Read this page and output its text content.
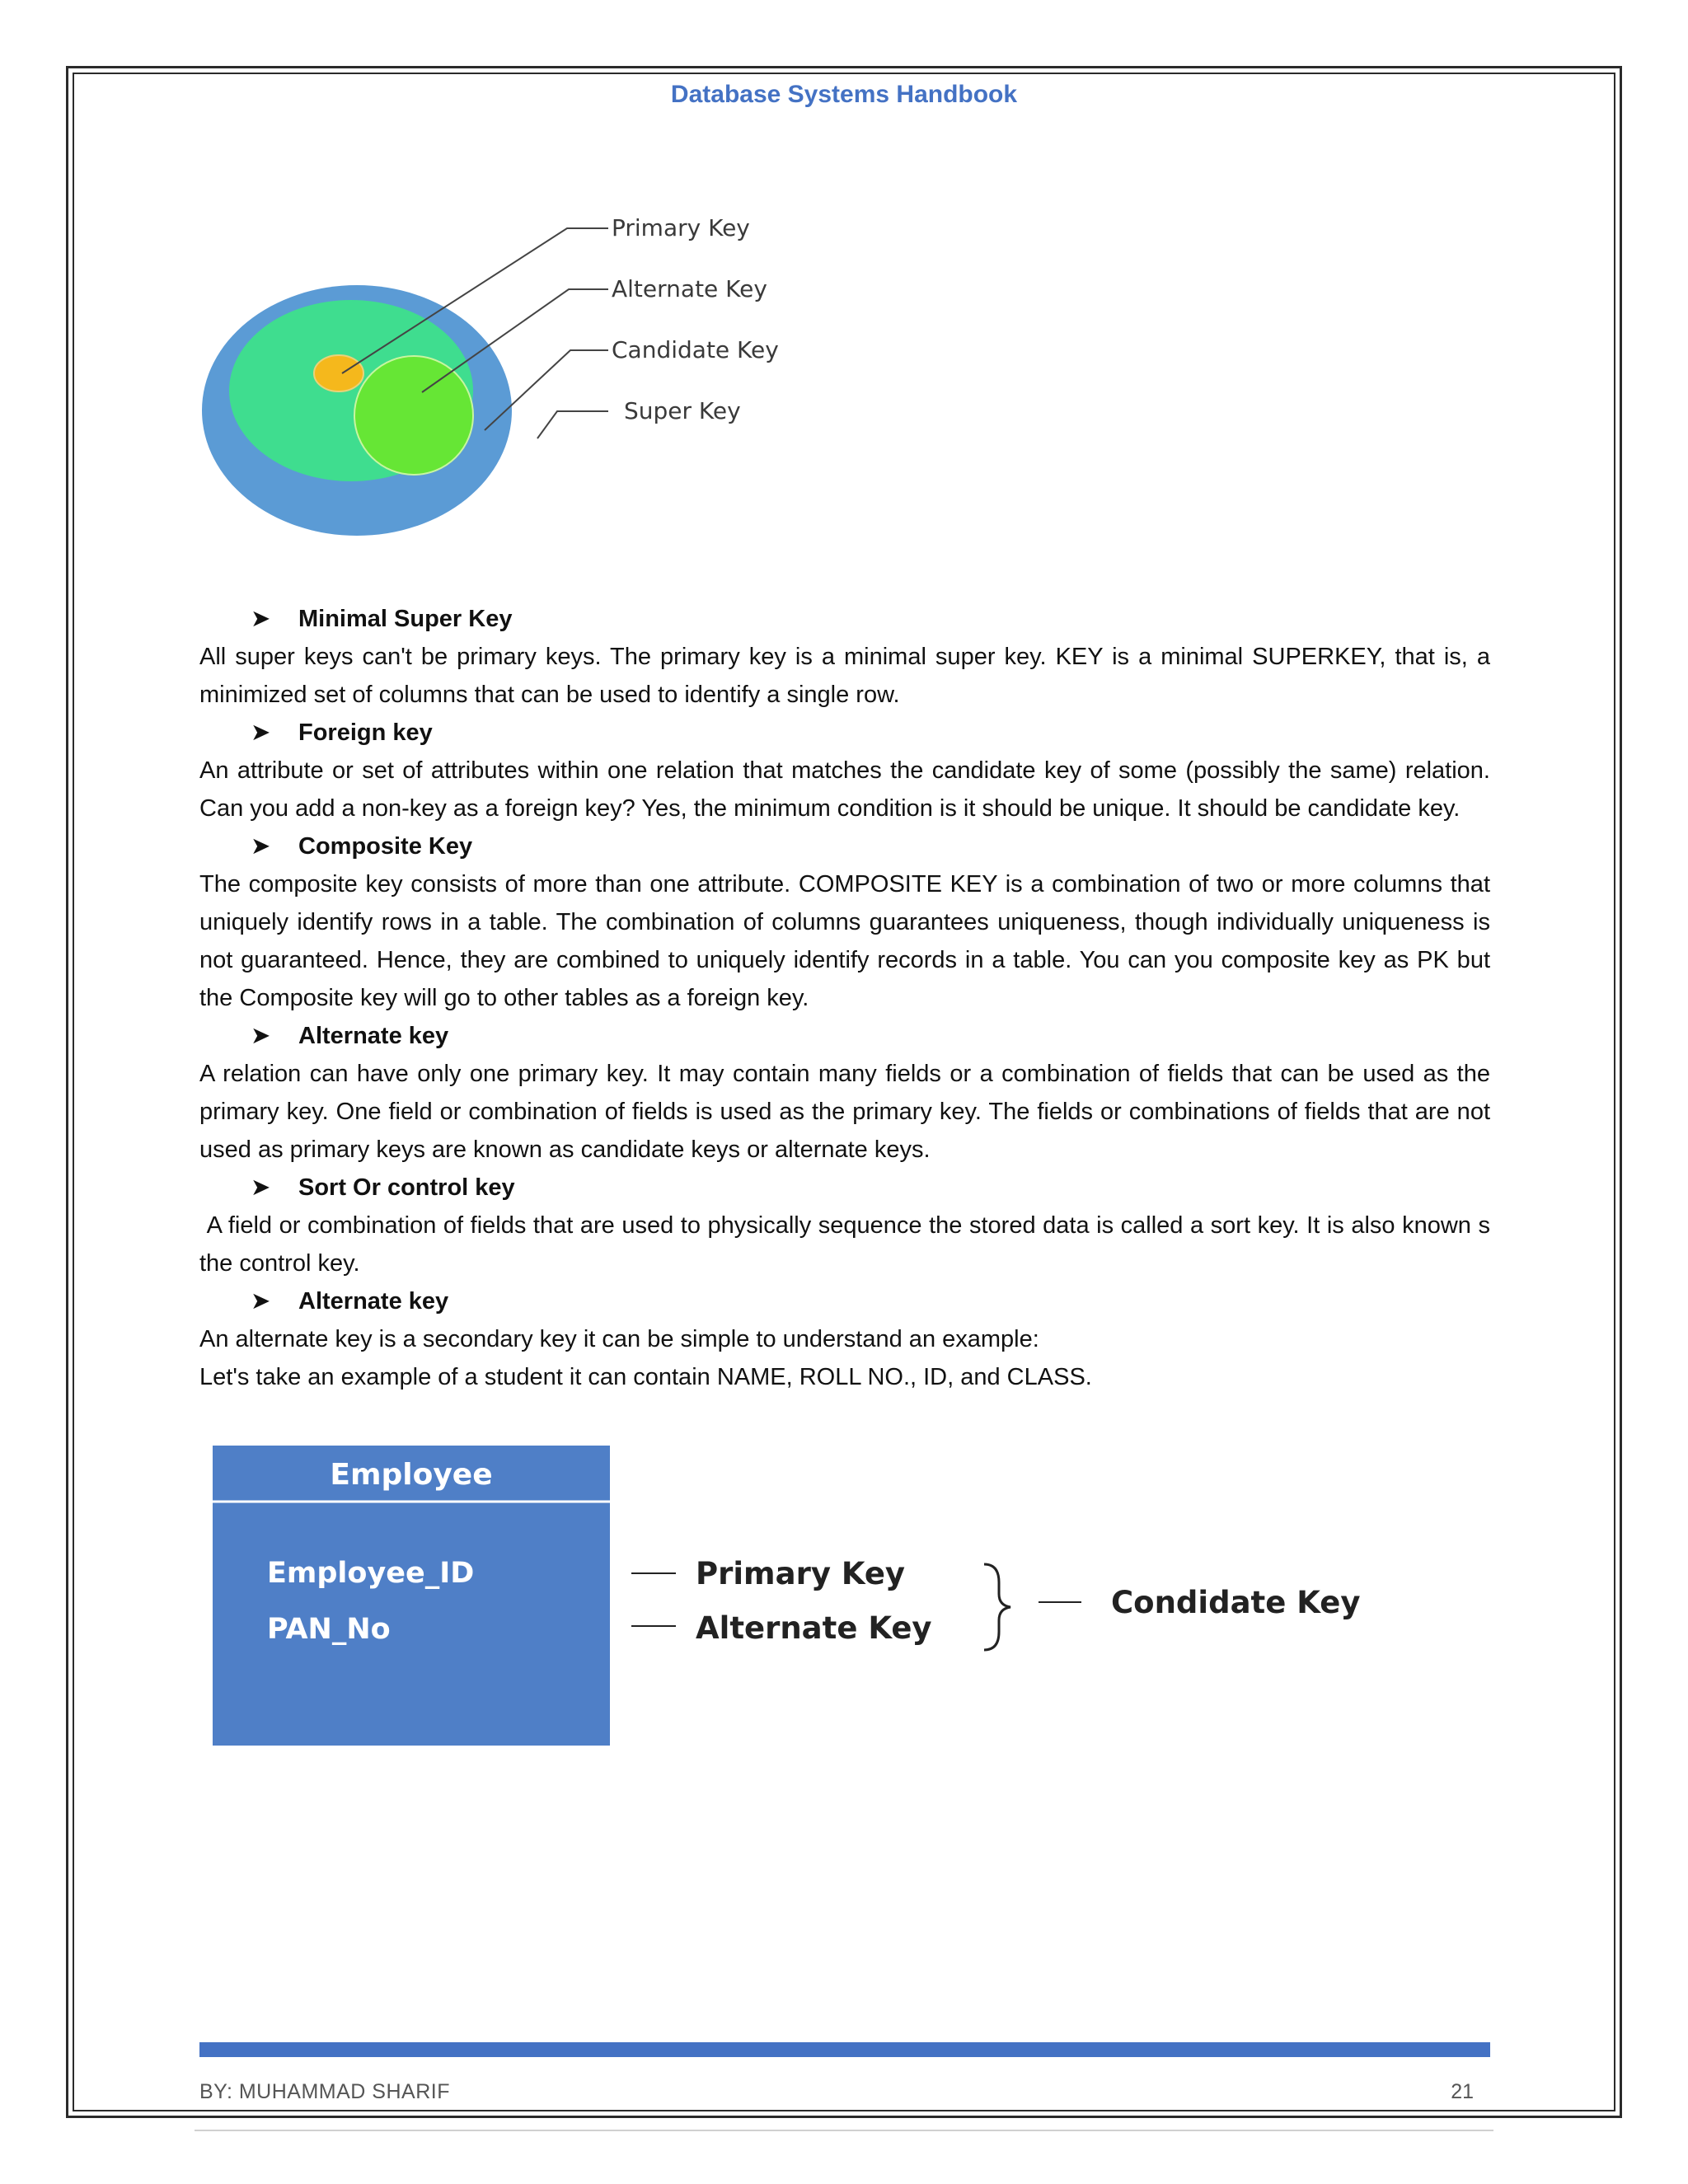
Database Systems Handbook
Primary Key
Alternate Key
Candidate Key
Super Key
➤ Minimal Super Key

All super keys can't be primary keys. The primary key is a minimal super key. KEY is a minimal SUPERKEY, that is, a minimized set of columns that can be used to identify a single row.

➤ Foreign key

An attribute or set of attributes within one relation that matches the candidate key of some (possibly the same) relation. Can you add a non-key as a foreign key? Yes, the minimum condition is it should be unique. It should be candidate key.

➤ Composite Key

The composite key consists of more than one attribute. COMPOSITE KEY is a combination of two or more columns that uniquely identify rows in a table. The combination of columns guarantees uniqueness, though individually uniqueness is not guaranteed. Hence, they are combined to uniquely identify records in a table. You can you composite key as PK but the Composite key will go to other tables as a foreign key.

➤ Alternate key

A relation can have only one primary key. It may contain many fields or a combination of fields that can be used as the primary key. One field or combination of fields is used as the primary key. The fields or combinations of fields that are not used as primary keys are known as candidate keys or alternate keys.

➤ Sort Or control key

A field or combination of fields that are used to physically sequence the stored data is called a sort key. It is also known s the control key.

➤ Alternate key

An alternate key is a secondary key it can be simple to understand an example:

Let's take an example of a student it can contain NAME, ROLL NO., ID, and CLASS.

Employee
Employee_ID
PAN_No
Primary Key
Alternate Key
Condidate Key
BY: MUHAMMAD SHARIF	21
